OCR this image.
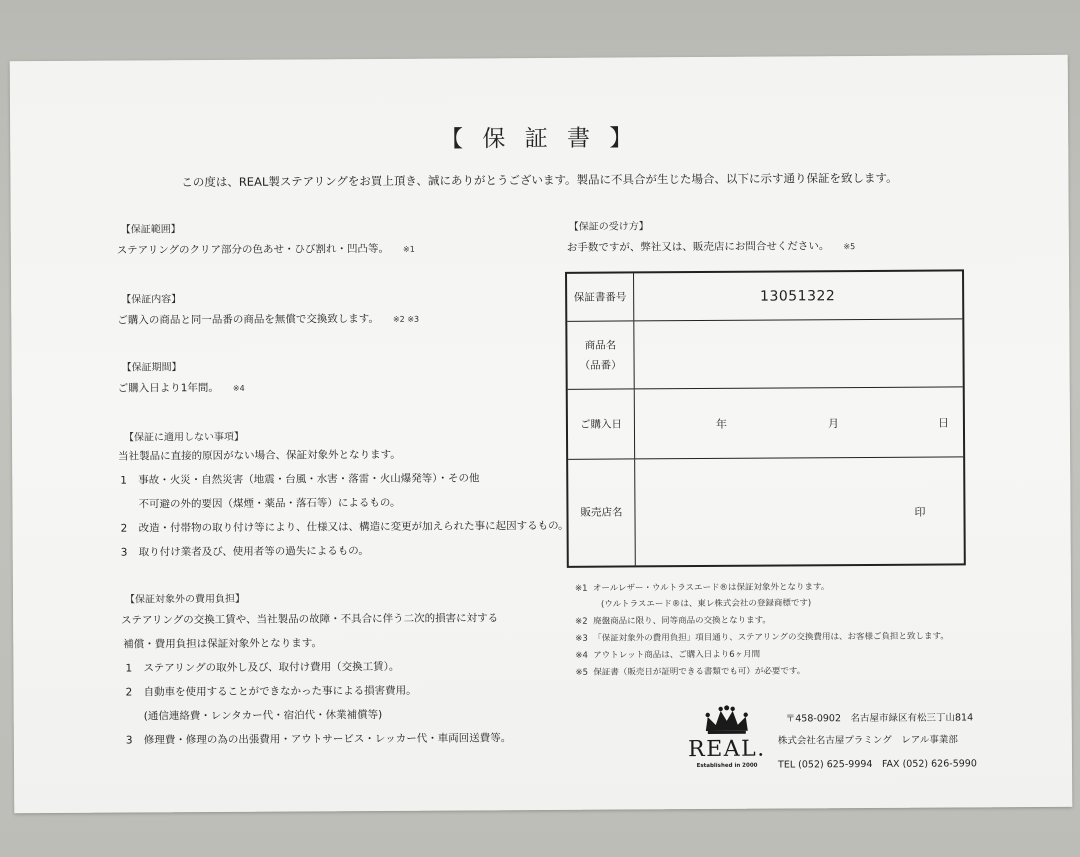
【 保 証 書 】
この度は、REAL製ステアリングをお買上頂き、誠にありがとうございます。製品に不具合が生じた場合、以下に示す通り保証を致します。
【保証範囲】
ステアリングのクリア部分の色あせ・ひび割れ・凹凸等。 ※1
【保証内容】
ご購入の商品と同一品番の商品を無償で交換致します。 ※2 ※3
【保証期間】
ご購入日より1年間。 ※4
【保証に適用しない事項】
当社製品に直接的原因がない場合、保証対象外となります。
1 事故・火災・自然災害（地震・台風・水害・落雷・火山爆発等）・その他
不可避の外的要因（煤煙・薬品・落石等）によるもの。
2 改造・付帯物の取り付け等により、仕様又は、構造に変更が加えられた事に起因するもの。
3 取り付け業者及び、使用者等の過失によるもの。
【保証対象外の費用負担】
ステアリングの交換工賃や、当社製品の故障・不具合に伴う二次的損害に対する
補償・費用負担は保証対象外となります。
1 ステアリングの取外し及び、取付け費用（交換工賃）。
2 自動車を使用することができなかった事による損害費用。
(通信連絡費・レンタカー代・宿泊代・休業補償等)
3 修理費・修理の為の出張費用・アウトサービス・レッカー代・車両回送費等。
【保証の受け方】
お手数ですが、弊社又は、販売店にお問合せください。 ※5
保証書番号	13051322
商品名
（品番）
ご購入日	年	月	日
販売店名	印
※1 オールレザー・ウルトラスエード®は保証対象外となります。
(ウルトラスエード®は、東レ株式会社の登録商標です)
※2 廃盤商品に限り、同等商品の交換となります。
※3 「保証対象外の費用負担」項目通り、ステアリングの交換費用は、お客様ご負担と致します。
※4 アウトレット商品は、ご購入日より6ヶ月間
※5 保証書（販売日が証明できる書類でも可）が必要です。
REAL.
Established in 2000
〒458-0902　名古屋市緑区有松三丁山814
株式会社名古屋プラミング　レアル事業部
TEL (052) 625-9994　FAX (052) 626-5990
